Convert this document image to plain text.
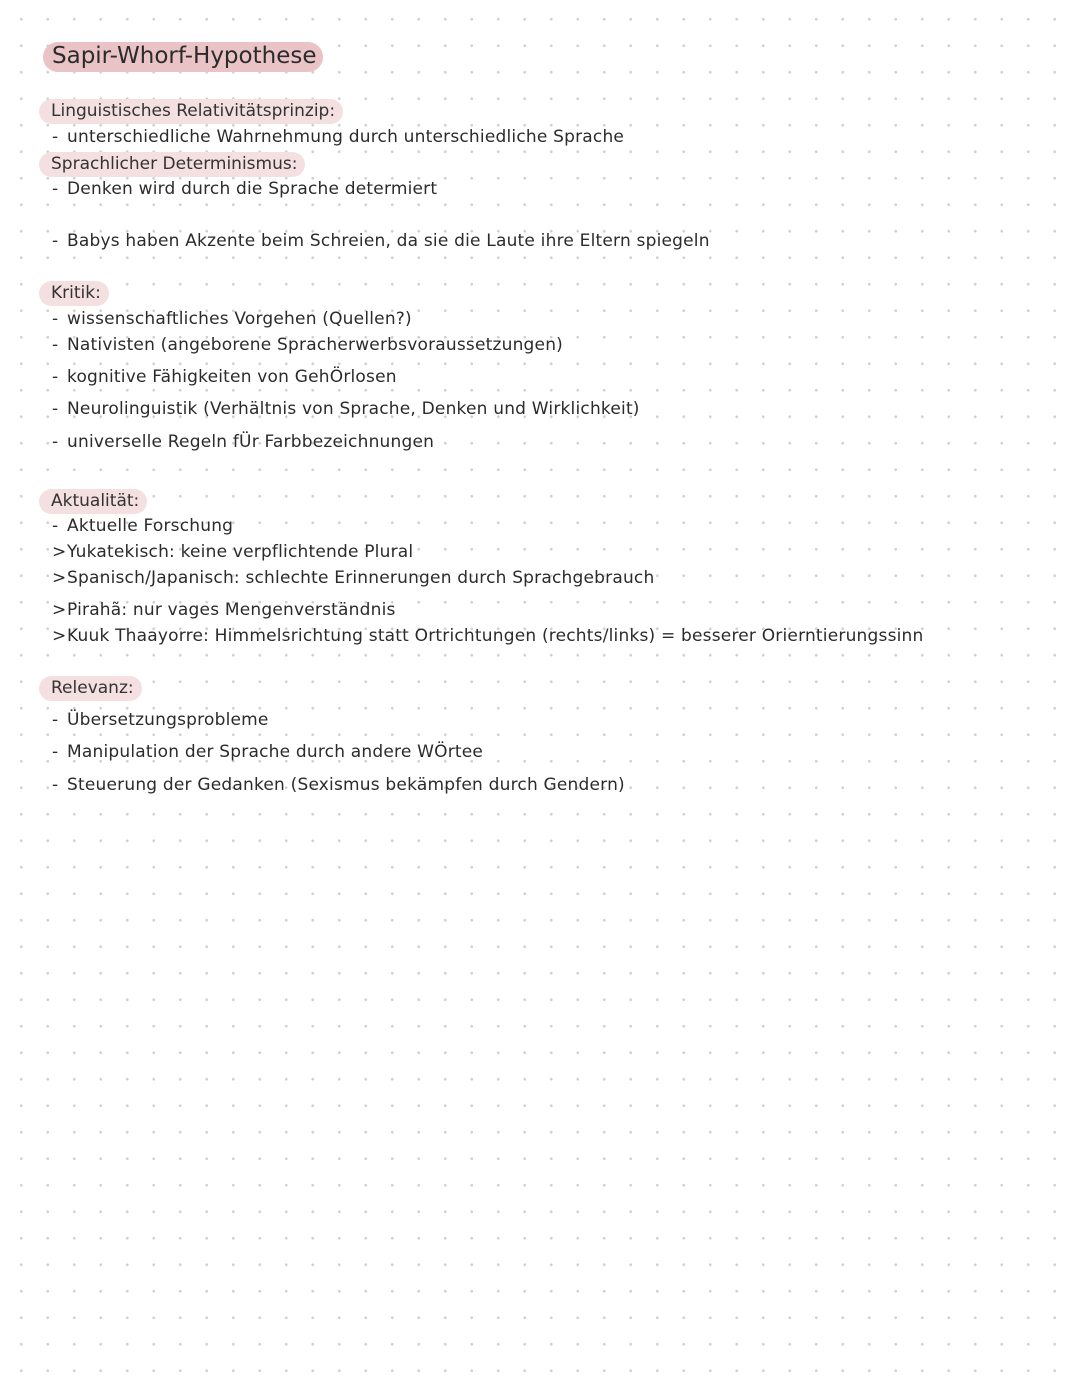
Sapir-Whorf-Hypothese
Linguistisches Relativitätsprinzip:
- unterschiedliche Wahrnehmung durch unterschiedliche Sprache
Sprachlicher Determinismus:
- Denken wird durch die Sprache determiert
- Babys haben Akzente beim Schreien, da sie die Laute ihre Eltern spiegeln
Kritik:
- wissenschaftliches Vorgehen (Quellen?)
- Nativisten (angeborene Spracherwerbsvoraussetzungen)
- kognitive Fähigkeiten von GehÖrlosen
- Neurolinguistik (Verhältnis von Sprache, Denken und Wirklichkeit)
- universelle Regeln fÜr Farbbezeichnungen
Aktualität:
- Aktuelle Forschung
>Yukatekisch: keine verpflichtende Plural
>Spanisch/Japanisch: schlechte Erinnerungen durch Sprachgebrauch
>Pirahã: nur vages Mengenverständnis
>Kuuk Thaayorre: Himmelsrichtung statt Ortrichtungen (rechts/links) = besserer Orierntierungssinn
Relevanz:
- Übersetzungsprobleme
- Manipulation der Sprache durch andere WÖrtee
- Steuerung der Gedanken (Sexismus bekämpfen durch Gendern)
